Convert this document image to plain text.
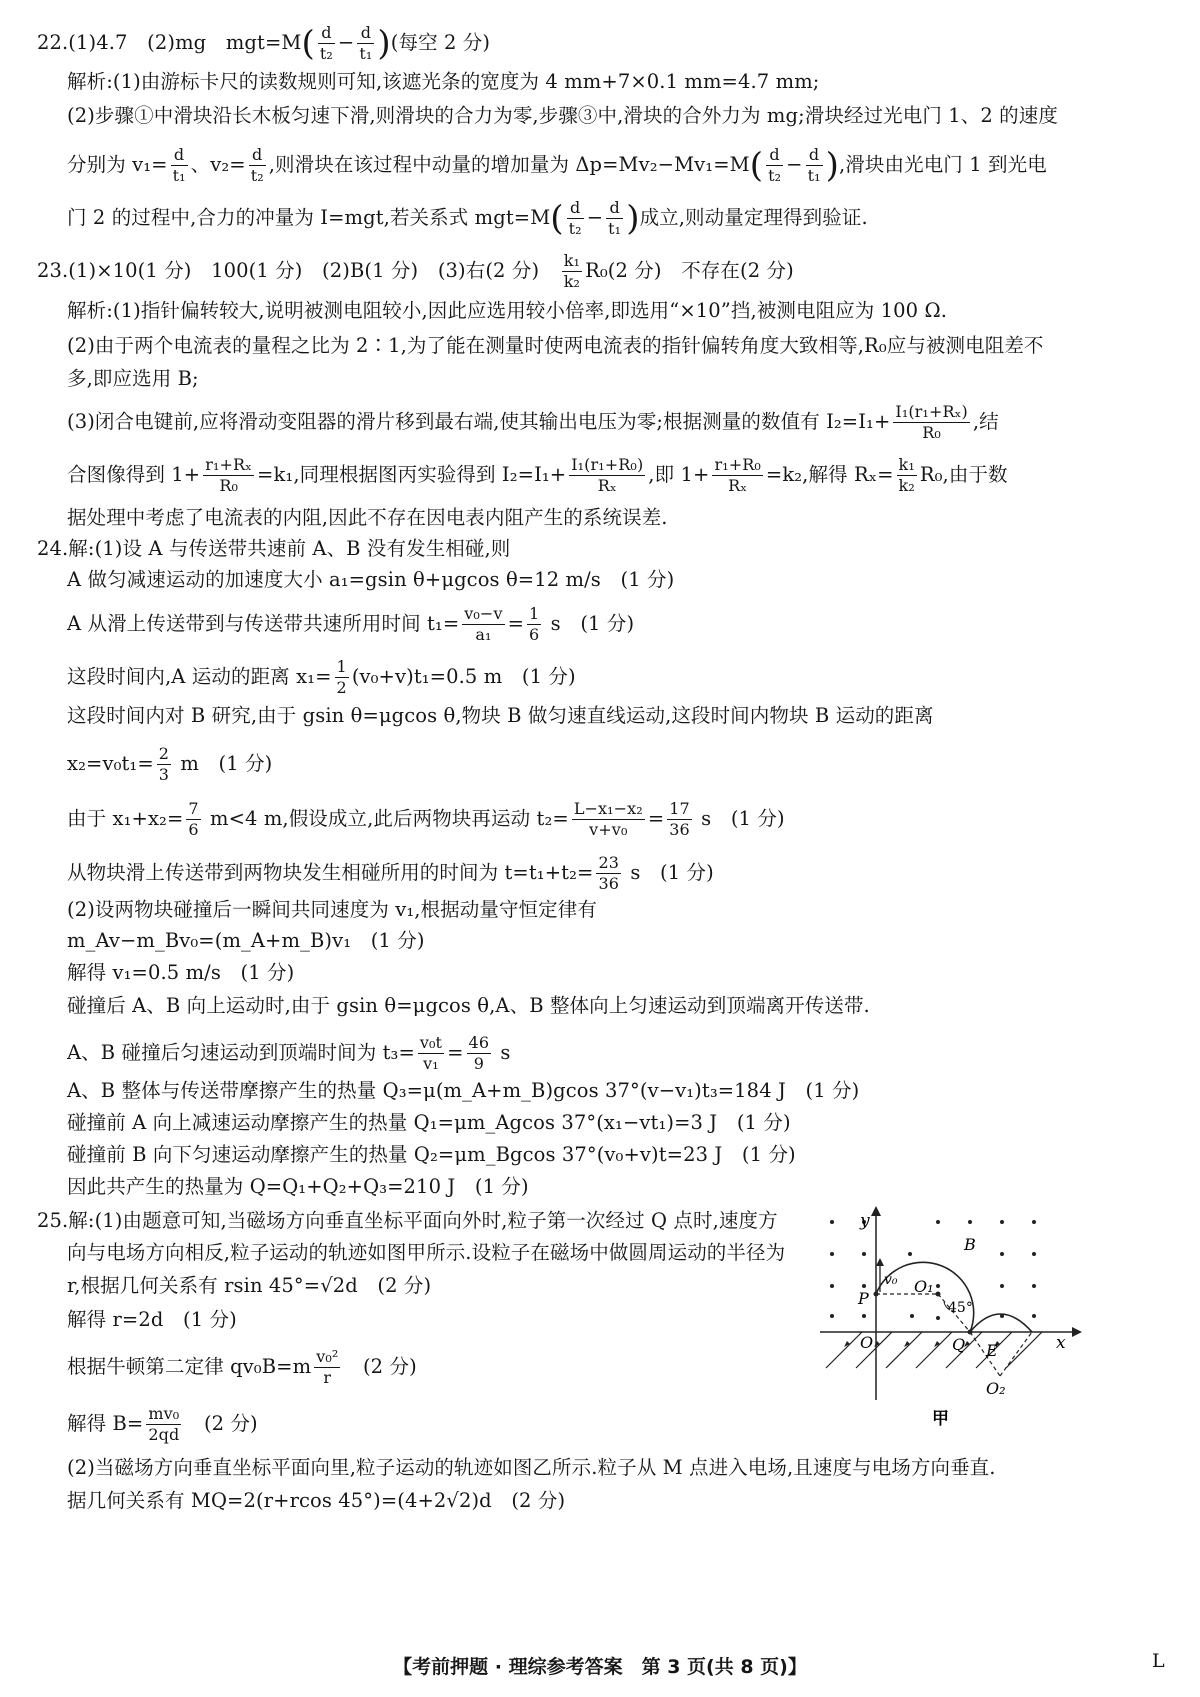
22.(1)4.7　(2)mg　$mgt=M( \frac{d}{\text{t₂}} - \frac{d}{\text{t₁}}$ )(每空 2 分)
解析:(1)由游标卡尺的读数规则可知,该遮光条的宽度为 4 mm+7×0.1 mm=4.7 mm;
(2)步骤①中滑块沿长木板匀速下滑,则滑块的合力为零,步骤③中,滑块的合外力为 mg;滑块经过光电门 1、2 的速度
分别为 $v_1= \frac{d}{\text{t₁}}$ 、$v_2= \frac{d}{\text{t₂}}$ ,则滑块在该过程中动量的增加量为 $\Delta p=Mv_2-Mv_1=M( \frac{d}{\text{t₂}} - \frac{d}{\text{t₁}}$ ),滑块由光电门 1 到光电
门 2 的过程中,合力的冲量为 I=mgt,若关系式 $mgt=M( \frac{d}{\text{t₂}} - \frac{d}{\text{t₁}}$ )成立,则动量定理得到验证.
23.(1)×10(1 分)　100(1 分)　(2)B(1 分)　(3)右(2 分)　 $\frac{\text{k₁}}{\text{k₂}} R_0(2$ 分)　不存在(2 分)
解析:(1)指针偏转较大,说明被测电阻较小,因此应选用较小倍率,即选用“×10”挡,被测电阻应为 100 Ω.
(2)由于两个电流表的量程之比为 2∶1,为了能在测量时使两电流表的指针偏转角度大致相等,R₀应与被测电阻差不
多,即应选用 B;
(3)闭合电键前,应将滑动变阻器的滑片移到最右端,使其输出电压为零;根据测量的数值有 $I_2=I_1+ \frac{\text{I₁(r₁+Rₓ)}}{\text{R₀}}$ ,结
合图像得到 $1+ \frac{\text{r₁+Rₓ}}{\text{R₀}} =k_1$,同理根据图丙实验得到 $I_2=I_1+ \frac{\text{I₁(r₁+R₀)}}{\text{Rₓ}}$ ,即 $1+ \frac{\text{r₁+R₀}}{\text{Rₓ}} =k_2$,解得 $R_x= \frac{\text{k₁}}{\text{k₂}} R_0$,由于数
据处理中考虑了电流表的内阻,因此不存在因电表内阻产生的系统误差.
24.解:(1)设 A 与传送带共速前 A、B 没有发生相碰,则
A 做匀减速运动的加速度大小 a₁=gsin θ+μgcos θ=12 m/s　(1 分)
A 从滑上传送带到与传送带共速所用时间 $t_1= \frac{\text{v₀−v}}{\text{a₁}} = \frac{1}{6}$ s　(1 分)
这段时间内,A 运动的距离 $x_1= \frac{1}{2} (v_0+v)t_1=0.5$ m　(1 分)
这段时间内对 B 研究,由于 gsin θ=μgcos θ,物块 B 做匀速直线运动,这段时间内物块 B 运动的距离
$x_2=v_0t_1= \frac{2}{3}$ m　(1 分)
由于 $x_1+x_2= \frac{7}{6} m<4$ m,假设成立,此后两物块再运动 $t_2= \frac{\text{L−x₁−x₂}}{\text{v+v₀}} = \frac{17}{36}$ s　(1 分)
从物块滑上传送带到两物块发生相碰所用的时间为 $t=t_1+t_2= \frac{23}{36}$ s　(1 分)
(2)设两物块碰撞后一瞬间共同速度为 v₁,根据动量守恒定律有
m_Av−m_Bv₀=(m_A+m_B)v₁　(1 分)
解得 v₁=0.5 m/s　(1 分)
碰撞后 A、B 向上运动时,由于 gsin θ=μgcos θ,A、B 整体向上匀速运动到顶端离开传送带.
A、B 碰撞后匀速运动到顶端时间为 $t_3= \frac{\text{v₀t}}{\text{v₁}} = \frac{46}{9}$ s
A、B 整体与传送带摩擦产生的热量 Q₃=μ(m_A+m_B)gcos 37°(v−v₁)t₃=184 J　(1 分)
碰撞前 A 向上减速运动摩擦产生的热量 Q₁=μm_Agcos 37°(x₁−vt₁)=3 J　(1 分)
碰撞前 B 向下匀速运动摩擦产生的热量 Q₂=μm_Bgcos 37°(v₀+v)t=23 J　(1 分)
因此共产生的热量为 Q=Q₁+Q₂+Q₃=210 J　(1 分)
25.解:(1)由题意可知,当磁场方向垂直坐标平面向外时,粒子第一次经过 Q 点时,速度方
向与电场方向相反,粒子运动的轨迹如图甲所示.设粒子在磁场中做圆周运动的半径为
r,根据几何关系有 rsin 45°=√2d　(2 分)
解得 r=2d　(1 分)
根据牛顿第二定律 $qv_0B=m \frac{\text{v₀²}}{r}$ 　(2 分)
解得 $B= \frac{\text{mv₀}}{2qd}$ 　(2 分)
(2)当磁场方向垂直坐标平面向里,粒子运动的轨迹如图乙所示.粒子从 M 点进入电场,且速度与电场方向垂直.
据几何关系有 MQ=2(r+rcos 45°)=(4+2√2)d　(2 分)
y
x
B
O
O₁
P
v₀
45°
Q E
O₂
甲
【考前押题 · 理综参考答案　第 3 页(共 8 页)】	L
